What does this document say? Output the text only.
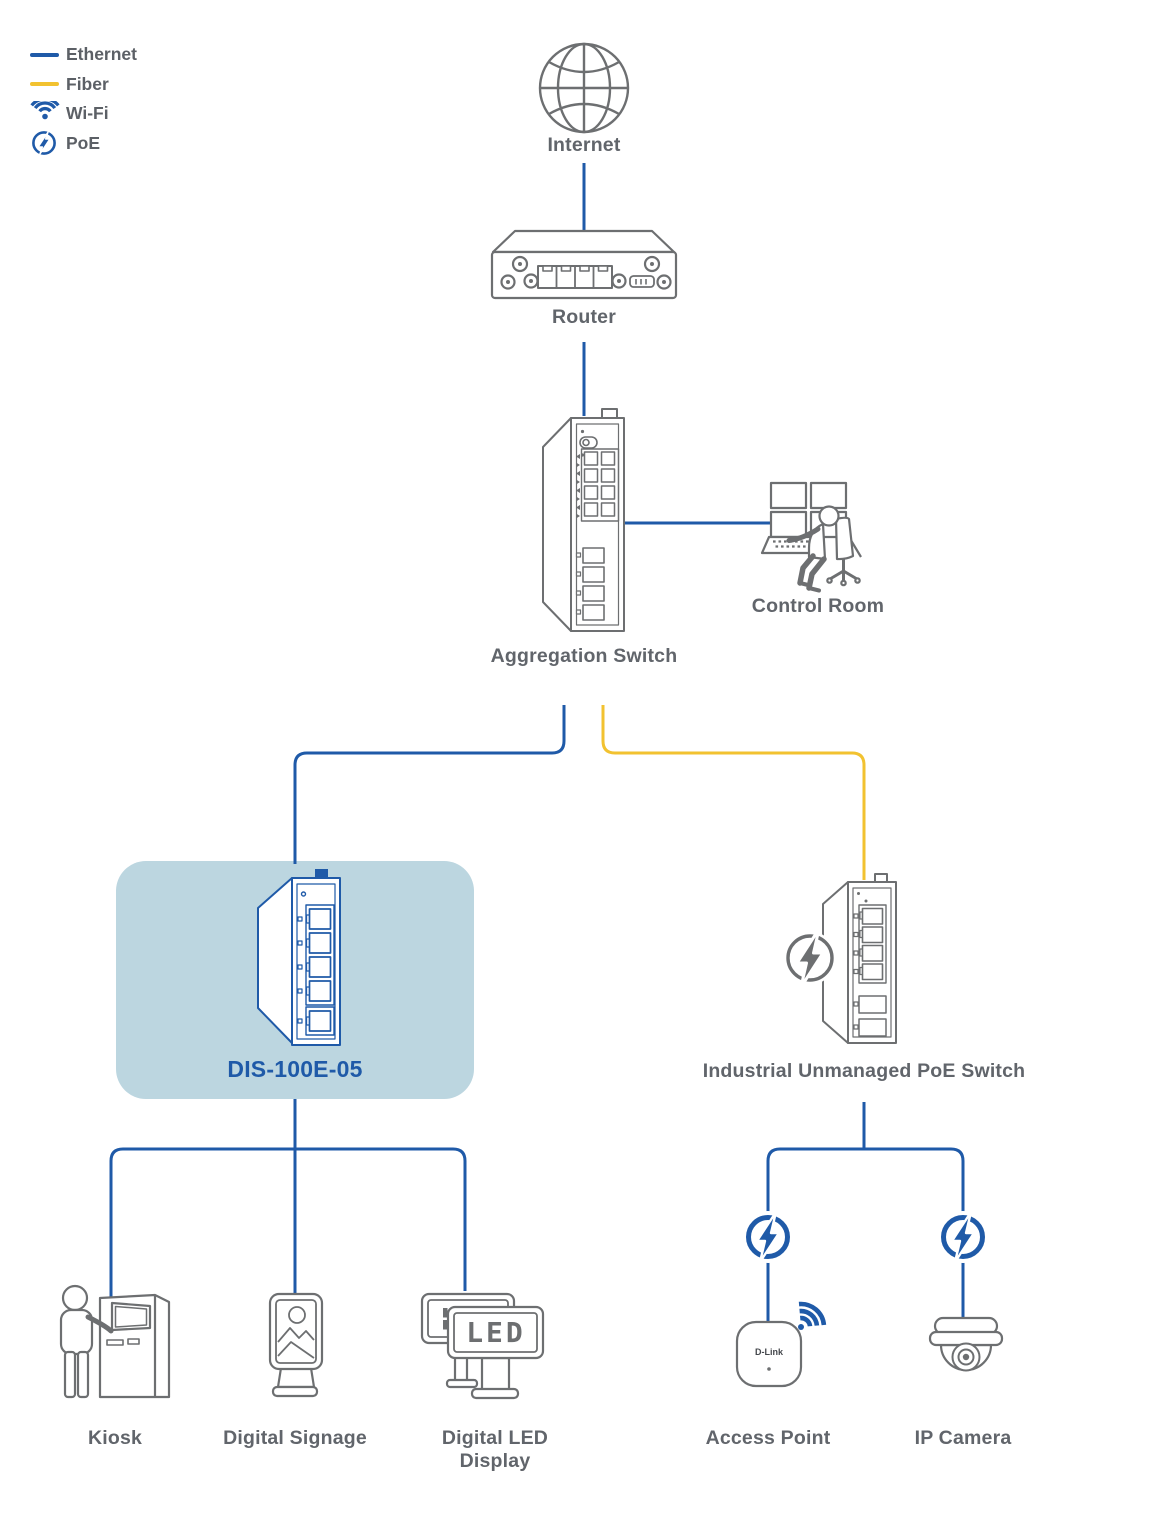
LED
D-Link
Ethernet
Fiber
Wi-Fi
PoE	Internet
Router
Control Room
Aggregation Switch
DIS-100E-05	Industrial Unmanaged PoE Switch
Kiosk	Digital Signage	Digital LED Display
Access Point	IP Camera
